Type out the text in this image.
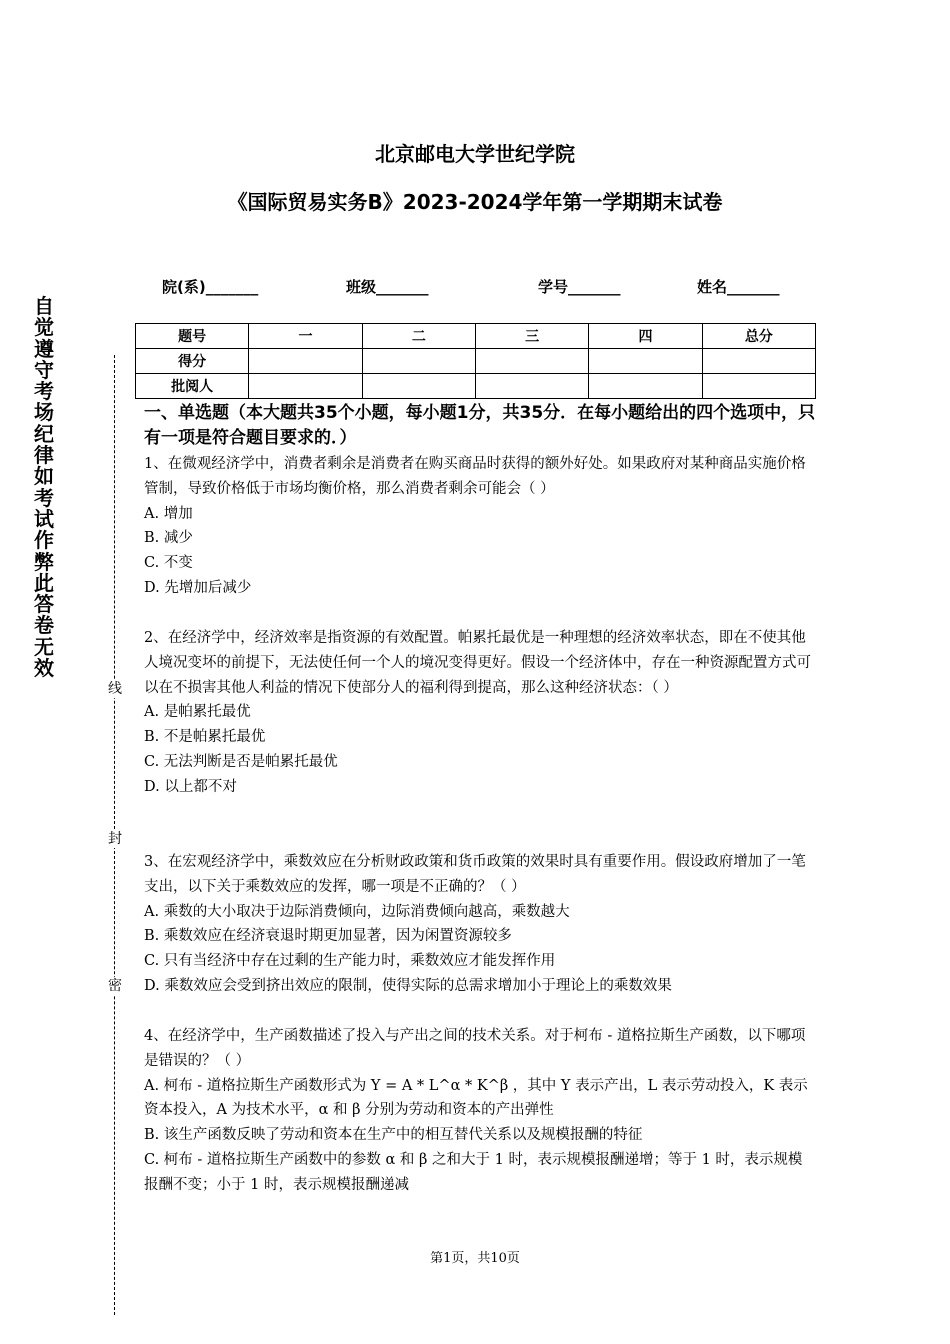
自觉遵守考场纪律如考试作弊此答卷无效
线
封
密
北京邮电大学世纪学院
《国际贸易实务B》2023-2024学年第一学期期末试卷
院(系)_______	班级_______	学号_______	姓名_______
题号	一	二	三	四	总分
得分					
批阅人					
一、单选题（本大题共35个小题，每小题1分，共35分．在每小题给出的四个选项中，只有一项是符合题目要求的．）

1、在微观经济学中，消费者剩余是消费者在购买商品时获得的额外好处。如果政府对某种商品实施价格管制，导致价格低于市场均衡价格，那么消费者剩余可能会（ ）

A. 增加

B. 减少

C. 不变

D. 先增加后减少

2、在经济学中，经济效率是指资源的有效配置。帕累托最优是一种理想的经济效率状态，即在不使其他人境况变坏的前提下，无法使任何一个人的境况变得更好。假设一个经济体中，存在一种资源配置方式可以在不损害其他人利益的情况下使部分人的福利得到提高，那么这种经济状态：（ ）

A. 是帕累托最优

B. 不是帕累托最优

C. 无法判断是否是帕累托最优

D. 以上都不对

3、在宏观经济学中，乘数效应在分析财政政策和货币政策的效果时具有重要作用。假设政府增加了一笔支出，以下关于乘数效应的发挥，哪一项是不正确的？（ ）

A. 乘数的大小取决于边际消费倾向，边际消费倾向越高，乘数越大

B. 乘数效应在经济衰退时期更加显著，因为闲置资源较多

C. 只有当经济中存在过剩的生产能力时，乘数效应才能发挥作用

D. 乘数效应会受到挤出效应的限制，使得实际的总需求增加小于理论上的乘数效果

4、在经济学中，生产函数描述了投入与产出之间的技术关系。对于柯布 - 道格拉斯生产函数，以下哪项是错误的？（ ）

A. 柯布 - 道格拉斯生产函数形式为 Y = A * L^α * K^β ，其中 Y 表示产出，L 表示劳动投入，K 表示资本投入，A 为技术水平，α 和 β 分别为劳动和资本的产出弹性

B. 该生产函数反映了劳动和资本在生产中的相互替代关系以及规模报酬的特征

C. 柯布 - 道格拉斯生产函数中的参数 α 和 β 之和大于 1 时，表示规模报酬递增；等于 1 时，表示规模报酬不变；小于 1 时，表示规模报酬递减

第1页，共10页
